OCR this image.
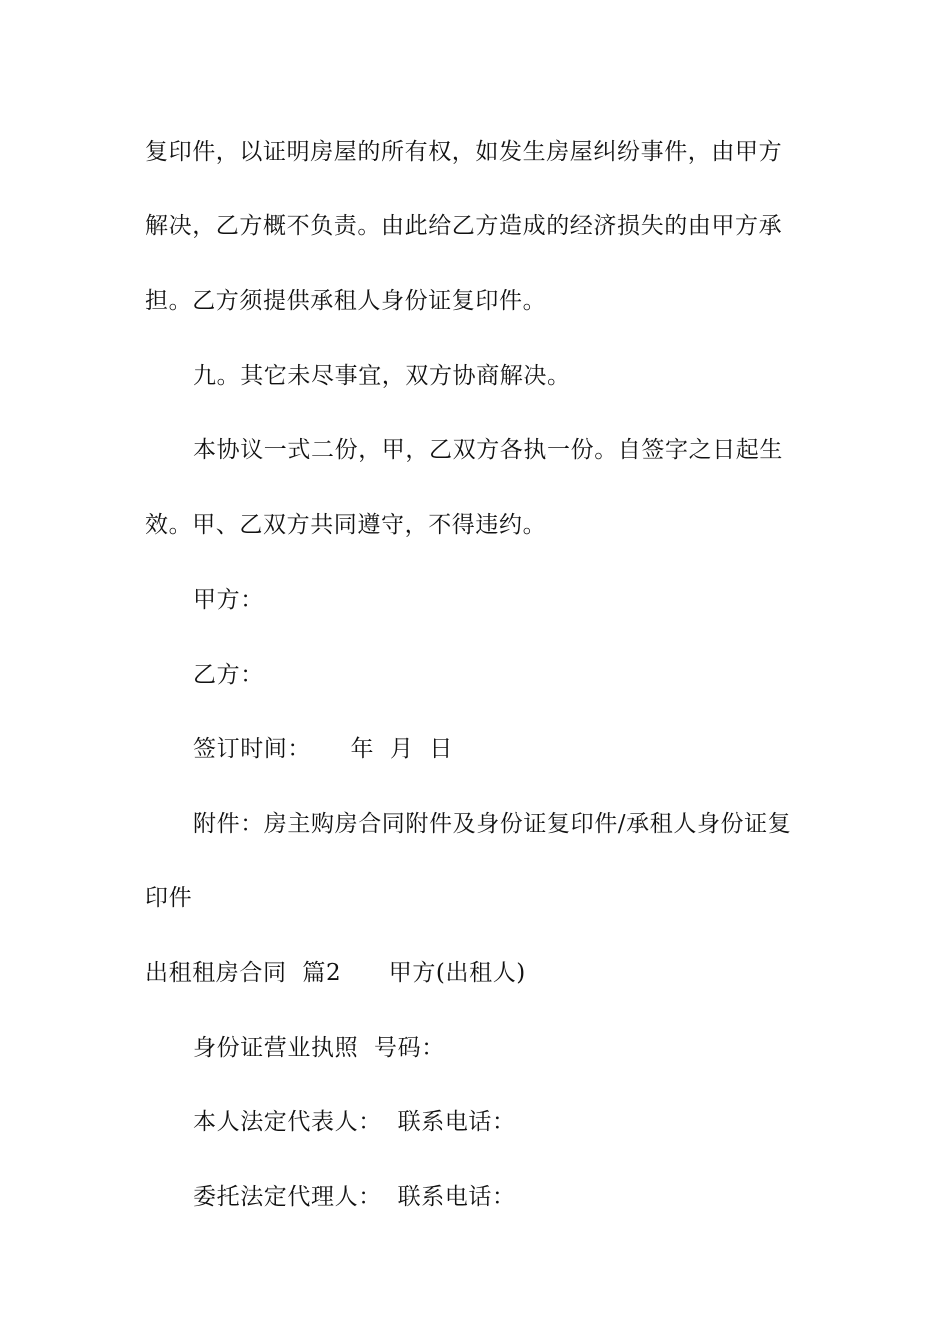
复印件，以证明房屋的所有权，如发生房屋纠纷事件，由甲方
解决，乙方概不负责。由此给乙方造成的经济损失的由甲方承
担。乙方须提供承租人身份证复印件。
九。其它未尽事宜，双方协商解决。
本协议一式二份，甲，乙双方各执一份。自签字之日起生
效。甲、乙双方共同遵守，不得违约。
甲方：
乙方：
签订时间：     年  月  日
附件：房主购房合同附件及身份证复印件/承租人身份证复
印件
出租租房合同  篇2      甲方(出租人)
身份证营业执照  号码：
本人法定代表人：  联系电话：
委托法定代理人：  联系电话：
